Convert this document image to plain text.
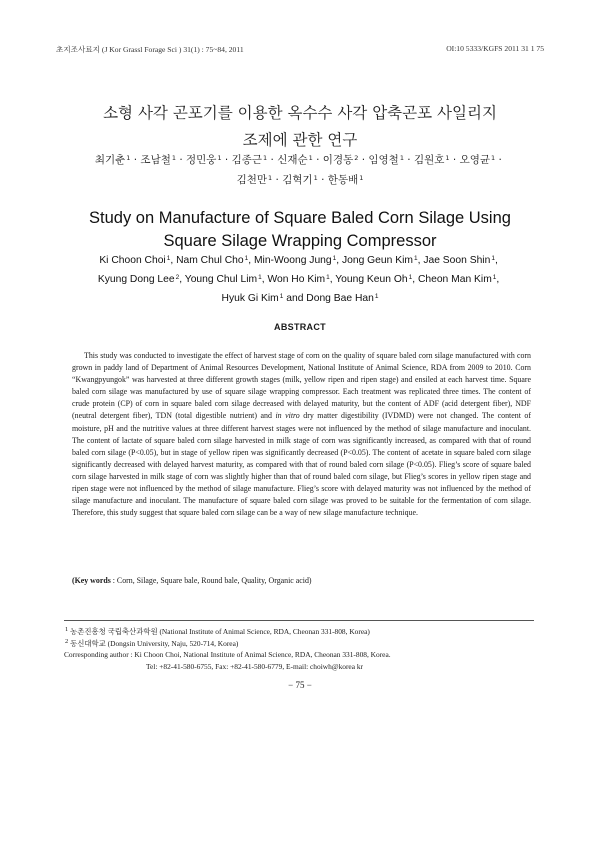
초지조사료지 (J Kor Grassl Forage Sci ) 31(1) : 75~84, 2011	OI:10 5333/KGFS 2011 31 1 75
소형 사각 곤포기를 이용한 옥수수 사각 압축곤포 사일리지
조제에 관한 연구
최기춘$^1$ · 조남철$^1$ · 정민웅$^1$ · 김종근$^1$ · 신재순$^1$ · 이경동$^2$ · 임영철$^1$ · 김원호$^1$ · 오영균$^1$ ·
김천만$^1$ · 김혁기$^1$ · 한동배$^1$
Study on Manufacture of Square Baled Corn Silage Using
Square Silage Wrapping Compressor
Ki Choon Choi$^1$, Nam Chul Cho$^1$, Min-Woong Jung$^1$, Jong Geun Kim$^1$, Jae Soon Shin$^1$,
Kyung Dong Lee$^2$, Young Chul Lim$^1$, Won Ho Kim$^1$, Young Keun Oh$^1$, Cheon Man Kim$^1$,
Hyuk Gi Kim$^1$ and Dong Bae Han$^1$
ABSTRACT

This study was conducted to investigate the effect of harvest stage of corn on the quality of square baled corn silage manufactured with corn grown in paddy land of Department of Animal Resources Development, National Institute of Animal Science, RDA from 2009 to 2010. Corn “Kwangpyungok” was harvested at three different growth stages (milk, yellow ripen and ripen stage) and ensiled at each harvest time. Square baled corn silage was manufactured by use of square silage wrapping compressor. Each treatment was replicated three times. The content of crude protein (CP) of corn in square baled corn silage decreased with delayed maturity, but the content of ADF (acid detergent fiber), NDF (neutral detergent fiber), TDN (total digestible nutrient) and in vitro dry matter digestibility (IVDMD) were not changed. The content of moisture, pH and the nutritive values at three different harvest stages were not influenced by the method of silage manufacture and inoculant. The content of lactate of square baled corn silage harvested in milk stage of corn was significantly increased, as compared with that of round baled corn silage (P<0.05), but in stage of yellow ripen was significantly decreased (P<0.05). The content of acetate in square baled corn silage significantly decreased with delayed harvest maturity, as compared with that of round baled corn silage (P<0.05). Flieg’s score of square baled corn silage harvested in milk stage of corn was slightly higher than that of round baled corn silage, but Flieg’s scores in yellow ripen stage and ripen stage were not influenced by the method of silage manufacture. Flieg’s score with delayed maturity was not influenced by the method of silage manufacture and inoculant. The manufacture of square baled corn silage was proved to be suitable for the fermentation of corn silage. Therefore, this study suggest that square baled corn silage can be a way of new silage manufacture technique.

(Key words : Corn, Silage, Square bale, Round bale, Quality, Organic acid)
$^1$ 농촌진흥청 국립축산과학원 (National Institute of Animal Science, RDA, Cheonan 331-808, Korea)
$^2$ 동신대학교 (Dongsin University, Naju, 520-714, Korea)
Corresponding author : Ki Choon Choi, National Institute of Animal Science, RDA, Cheonan 331-808, Korea.
Tel: +82-41-580-6755, Fax: +82-41-580-6779, E-mail: choiwh@korea kr
− 75 −
